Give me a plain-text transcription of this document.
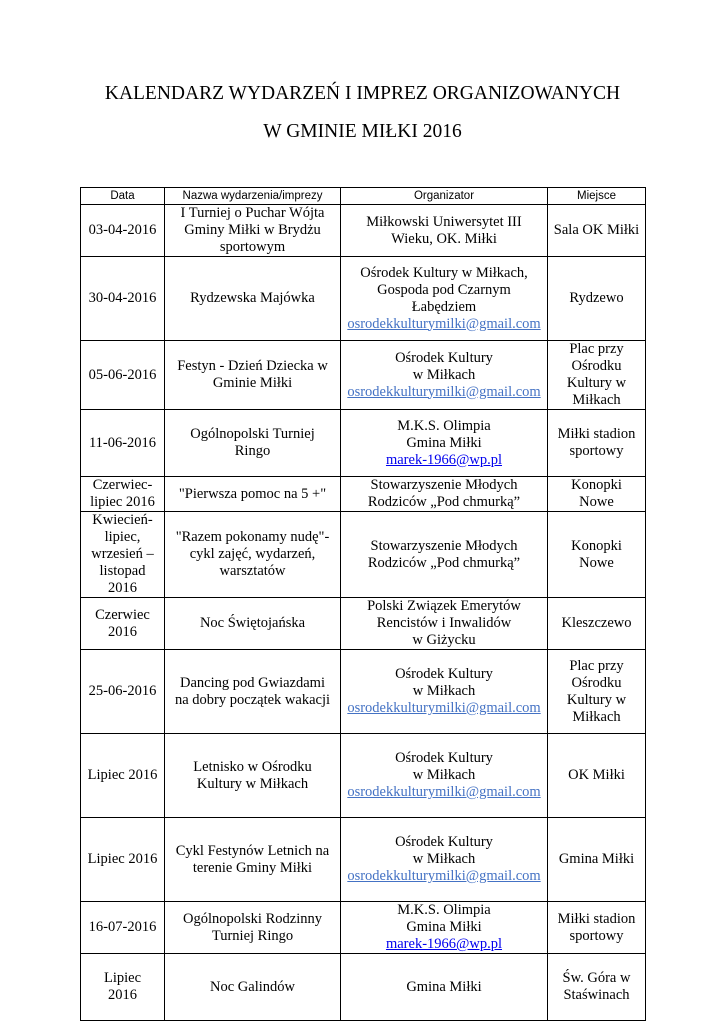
KALENDARZ WYDARZEŃ I IMPREZ ORGANIZOWANYCH
W GMINIE MIŁKI 2016
Data	Nazwa wydarzenia/imprezy	Organizator	Miejsce

03-04-2016	I Turniej o Puchar Wójta
Gminy Miłki w Brydżu
sportowym	Miłkowski Uniwersytet III
Wieku, OK. Miłki	Sala OK Miłki

30-04-2016	Rydzewska Majówka	Ośrodek Kultury w Miłkach,
Gospoda pod Czarnym
Łabędziem
osrodekkulturymilki@gmail.com	Rydzewo

05-06-2016	Festyn - Dzień Dziecka w
Gminie Miłki	Ośrodek Kultury
w Miłkach
osrodekkulturymilki@gmail.com	Plac przy
Ośrodku
Kultury w
Miłkach

11-06-2016	Ogólnopolski Turniej
Ringo	M.K.S. Olimpia
Gmina Miłki
marek-1966@wp.pl	Miłki stadion
sportowy

Czerwiec-
lipiec 2016	"Pierwsza pomoc na 5 +"	Stowarzyszenie Młodych
Rodziców „Pod chmurką”	Konopki
Nowe

Kwiecień-
lipiec,
wrzesień –
listopad
2016	"Razem pokonamy nudę"-
cykl zajęć, wydarzeń,
warsztatów	Stowarzyszenie Młodych
Rodziców „Pod chmurką”	Konopki
Nowe

Czerwiec
2016	Noc Świętojańska	Polski Związek Emerytów
Rencistów i Inwalidów
w Giżycku	Kleszczewo

25-06-2016	Dancing pod Gwiazdami
na dobry początek wakacji	Ośrodek Kultury
w Miłkach
osrodekkulturymilki@gmail.com	Plac przy
Ośrodku
Kultury w
Miłkach

Lipiec 2016	Letnisko w Ośrodku
Kultury w Miłkach	Ośrodek Kultury
w Miłkach
osrodekkulturymilki@gmail.com	OK Miłki

Lipiec 2016	Cykl Festynów Letnich na
terenie Gminy Miłki	Ośrodek Kultury
w Miłkach
osrodekkulturymilki@gmail.com	Gmina Miłki

16-07-2016	Ogólnopolski Rodzinny
Turniej Ringo	M.K.S. Olimpia
Gmina Miłki
marek-1966@wp.pl	Miłki stadion
sportowy

Lipiec
2016	Noc Galindów	Gmina Miłki	Św. Góra w
Staświnach
